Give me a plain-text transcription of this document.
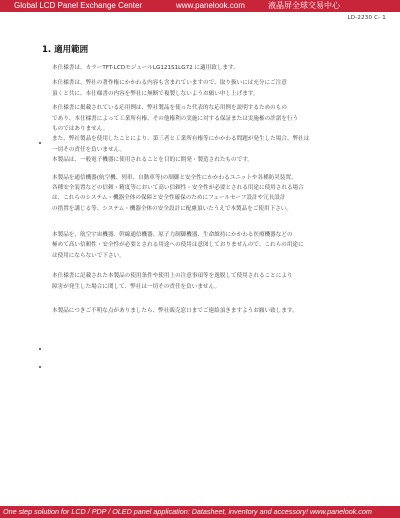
Global LCD Panel Exchange Center	www.panelook.com	液晶屏全球交易中心
LD-2230 C- 1
1. 適用範囲
本仕様書は、カラーTFT-LCDモジュールLG121S1LG72 に適用致します。
本仕様書は、弊社の著作権にかかわる内容も含まれていますので、取り扱いには充分にご注意
頂くと共に、本仕様書の内容を弊社に無断で複製しないようお願い申し上げます。
本仕様書に掲載されている応用例は、弊社製品を使った代表的な応用例を説明するためのもの
であり、本仕様書によって工業所有権、その他権利の実施に対する保証または実施権の許諾を行う
ものではありません。
また、弊社製品を使用したことにより、第三者と工業所有権等にかかわる問題が発生した場合、弊社は
一切その責任を負いません。
本製品は、一般電子機器に使用されることを目的に開発・製造されたものです。
本製品を通信機器(航空機、列車、自動車等)の制御と安全性にかかわるユニットや各種防災装置、
各種安全装置などの信頼・精度等において高い信頼性・安全性が必要とされる用途に使用される場合
は、これらのシステム・機器全体の保障と安全性確保のためにフェールセーフ設計や冗長設計
の措置を講じる等、システム・機器全体の安全設計に配慮頂いたうえで本製品をご使用下さい。
本製品を、航空宇宙機器、幹線通信機器、原子力制御機器、生命維持にかかわる医療機器などの
極めて高い信頼性・安全性が必要とされる用途への使用は意図しておりませんので、これらの用途に
は使用にならないで下さい。
本仕様書に記載された本製品の使用条件や使用上の注意事項等を逸脱して使用されることにより
障害が発生した場合に関して、弊社は一切その責任を負いません。
本製品につきご不明な点がありましたら、弊社販売窓口までご連絡頂きますようお願い致します。
One step solution for LCD / PDP / OLED panel application: Datasheet, inventory and accessory! www.panelook.com
